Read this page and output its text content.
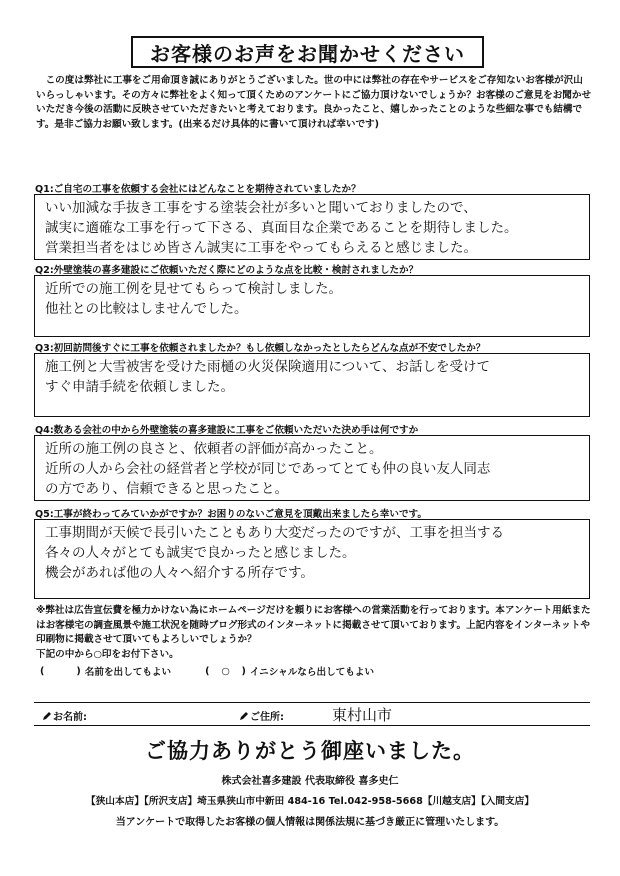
お客様のお声をお聞かせください

この度は弊社に工事をご用命頂き誠にありがとうございました。世の中には弊社の存在やサービスをご存知ないお客様が沢山いらっしゃいます。その方々に弊社をよく知って頂くためのアンケートにご協力頂けないでしょうか？お客様のご意見をお聞かせいただき今後の活動に反映させていただきたいと考えております。良かったこと、嬉しかったことのような些細な事でも結構です。是非ご協力お願い致します。(出来るだけ具体的に書いて頂ければ幸いです)

Q1:ご自宅の工事を依頼する会社にはどんなことを期待されていましたか？
いい加減な手抜き工事をする塗装会社が多いと聞いておりましたので、
誠実に適確な工事を行って下さる、真面目な企業であることを期待しました。
営業担当者をはじめ皆さん誠実に工事をやってもらえると感じました。
Q2:外壁塗装の喜多建設にご依頼いただく際にどのような点を比較・検討されましたか？
近所での施工例を見せてもらって検討しました。
他社との比較はしませんでした。
Q3:初回訪問後すぐに工事を依頼されましたか？もし依頼しなかったとしたらどんな点が不安でしたか？
施工例と大雪被害を受けた雨樋の火災保険適用について、お話しを受けて
すぐ申請手続を依頼しました。
Q4:数ある会社の中から外壁塗装の喜多建設に工事をご依頼いただいた決め手は何ですか
近所の施工例の良さと、依頼者の評価が高かったこと。
近所の人から会社の経営者と学校が同じであってとても仲の良い友人同志
の方であり、信頼できると思ったこと。
Q5:工事が終わってみていかがですか？お困りのないご意見を頂戴出来ましたら幸いです。
工事期間が天候で長引いたこともあり大変だったのですが、工事を担当する
各々の人々がとても誠実で良かったと感じました。
機会があれば他の人々へ紹介する所存です。

※弊社は広告宣伝費を極力かけない為にホームページだけを頼りにお客様への営業活動を行っております。本アンケート用紙またはお客様宅の調査風景や施工状況を随時ブログ形式のインターネットに掲載させて頂いております。上記内容をインターネットや印刷物に掲載させて頂いてもよろしいでしょうか？

下記の中から○印をお付下さい。

(	) 名前を出してもよい	(	○	) イニシャルなら出してもよい
お名前:	ご住所:	東村山市
ご協力ありがとう御座いました。
株式会社喜多建設 代表取締役 喜多史仁
【狭山本店】【所沢支店】埼玉県狭山市中新田 484-16 Tel.042-958-5668【川越支店】【入間支店】
当アンケートで取得したお客様の個人情報は関係法規に基づき厳正に管理いたします。
